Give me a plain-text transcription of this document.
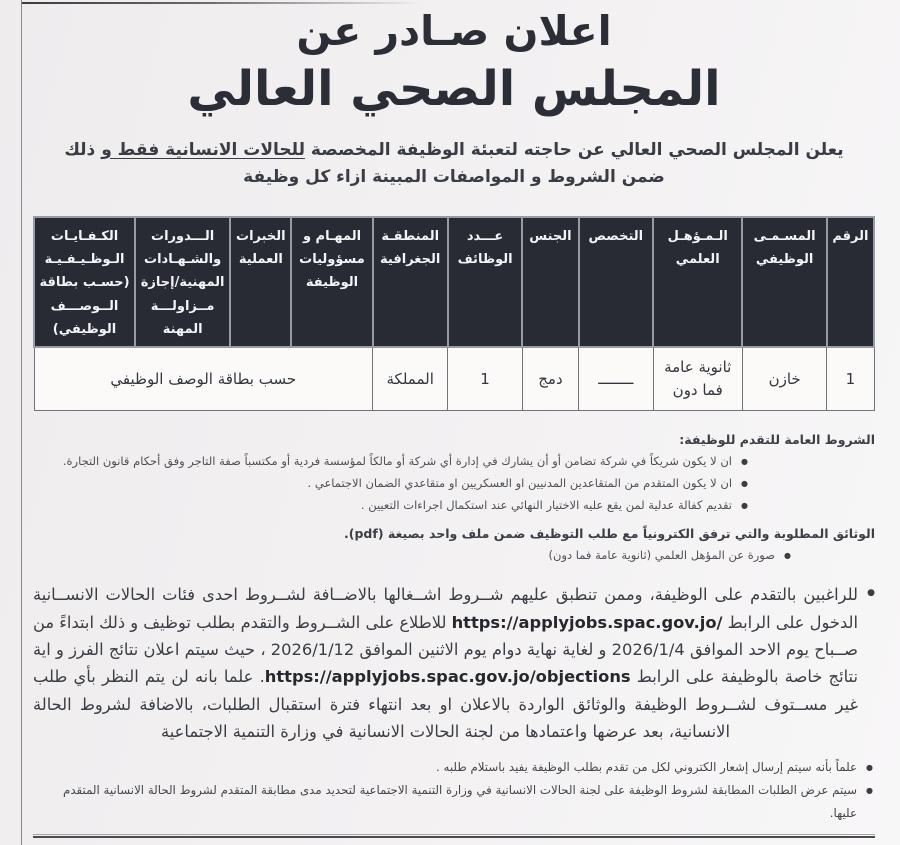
اعلان صـادر عن
المجلس الصحي العالي

يعلن المجلس الصحي العالي عن حاجته لتعبئة الوظيفة المخصصة للحالات الانسانية فقط و ذلك ضمن الشروط و المواصفات المبينة ازاء كل وظيفة

الرقم	المسـمـى الوظيفي	الـمـؤهـل العلمي	التخصص	الجنس	عـــدد الوظائف	المنطقـة الجغرافية	المهـام و مسؤوليات الوظيفة	الخبرات العملية	الـــدورات والشـهـادات المهنية/إجازة مــزاولـــة المهنة	الكـفـايـات الـوظـيـفـيـة (حسـب بطاقة الــوصـــف الوظيفي)
1	خازن	ثانوية عامة فما دون	ــــــــ	دمج	1	المملكة	حسب بطاقة الوصف الوظيفي			
الشروط العامة للتقدم للوظيفة:
●
ان لا يكون شريكاً في شركة تضامن أو أن يشارك في إدارة أي شركة أو مالكاً لمؤسسة فردية أو مكتسباً صفة التاجر وفق أحكام قانون التجارة.
●
ان لا يكون المتقدم من المتقاعدين المدنيين او العسكريين او متقاعدي الضمان الاجتماعي .
●
تقديم كفالة عدلية لمن يقع عليه الاختيار النهائي عند استكمال اجراءات التعيين .
الوثائق المطلوبة والتي ترفق الكترونياً مع طلب التوظيف ضمن ملف واحد بصيغة (pdf).
●
صورة عن المؤهل العلمي (ثانوية عامة فما دون)
●

للراغبين بالتقدم على الوظيفة، وممن تنطبق عليهم شــروط اشــغالها بالاضــافة لشــروط احدى فئات الحالات الانســانية الدخول على الرابط https://applyjobs.spac.gov.jo/ للاطلاع على الشــروط والتقدم بطلب توظيف و ذلك ابتداءً من صــباح يوم الاحد الموافق 2026/1/4 و لغاية نهاية دوام يوم الاثنين الموافق 2026/1/12 ، حيث سيتم اعلان نتائج الفرز و اية نتائج خاصة بالوظيفة على الرابط https://applyjobs.spac.gov.jo/objections. علما بانه لن يتم النظر بأي طلب غير مســتوف لشــروط الوظيفة والوثائق الواردة بالاعلان او بعد انتهاء فترة استقبال الطلبات، بالاضافة لشروط الحالة الانسانية، بعد عرضها واعتمادها من لجنة الحالات الانسانية في وزارة التنمية الاجتماعية

●
علماً بأنه سيتم إرسال إشعار الكتروني لكل من تقدم بطلب الوظيفة يفيد باستلام طلبه .
●
سيتم عرض الطلبات المطابقة لشروط الوظيفة على لجنة الحالات الانسانية في وزارة التنمية الاجتماعية لتحديد مدى مطابقة المتقدم لشروط الحالة الانسانية المتقدم عليها.
